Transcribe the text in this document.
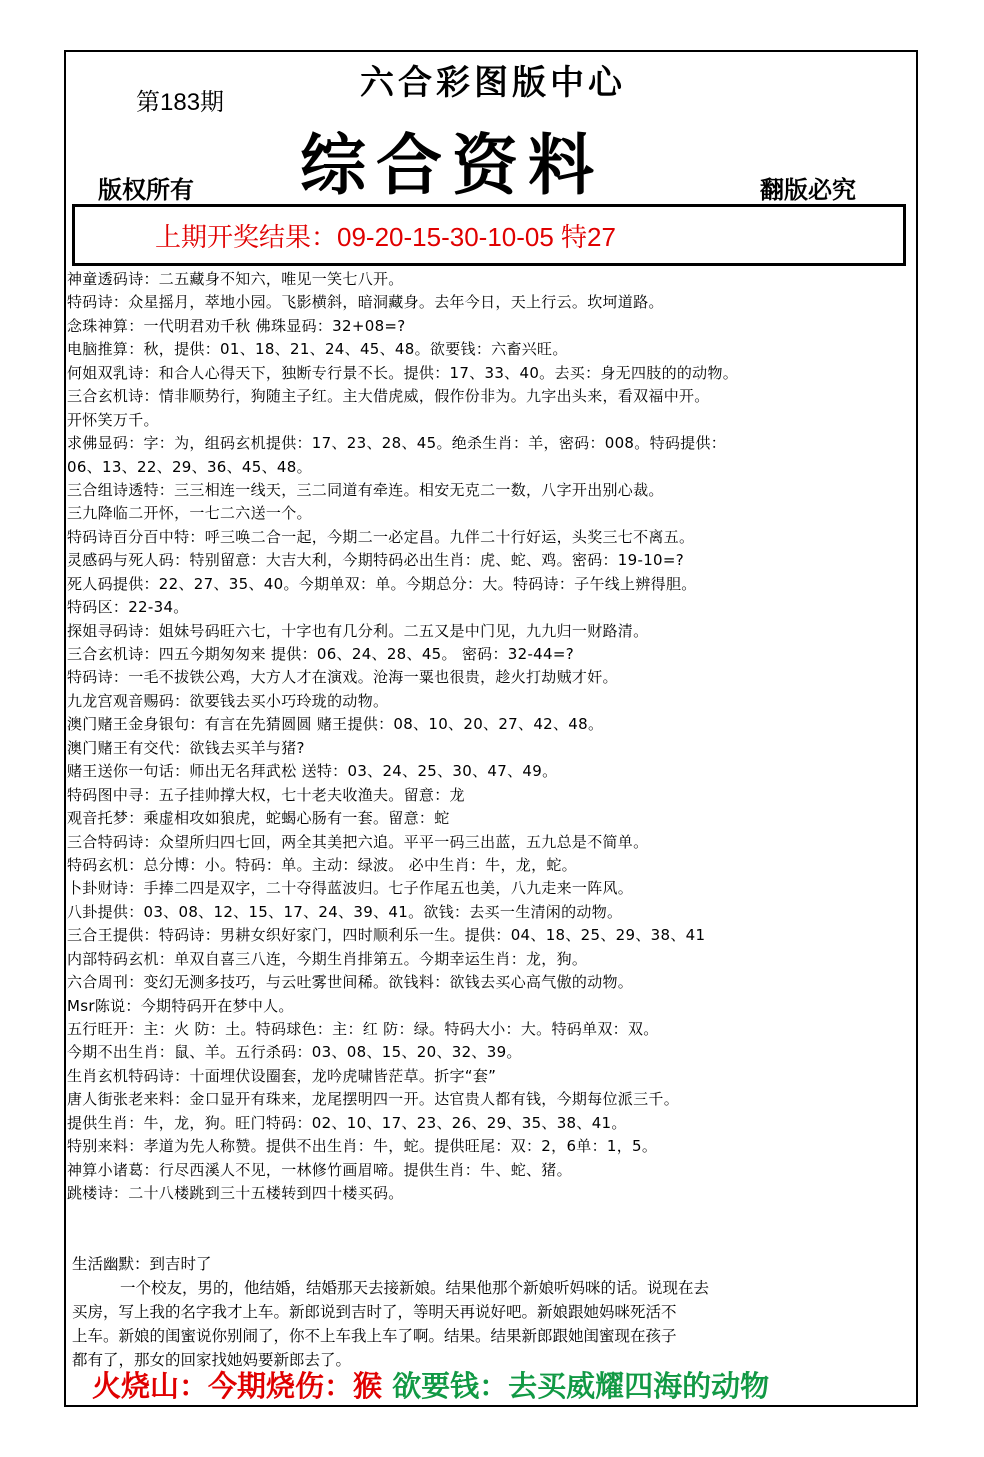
第183期	六合彩图版中心
综合资料
版权所有	翻版必究
上期开奖结果：09-20-15-30-10-05 特27
神童透码诗：二五藏身不知六，唯见一笑七八开。
特码诗：众星摇月，萃地小园。飞影横斜，暗洞藏身。去年今日，天上行云。坎坷道路。
念珠神算：一代明君劝千秋 佛珠显码：32+08=?
电脑推算：秋，提供：01、18、21、24、45、48。欲要钱：六畜兴旺。
何姐双乳诗：和合人心得天下，独断专行景不长。提供：17、33、40。去买：身无四肢的的动物。
三合玄机诗：情非顺势行，狗随主子红。主大借虎威，假作份非为。九字出头来，看双福中开。
开怀笑万千。
求佛显码：字：为，组码玄机提供：17、23、28、45。绝杀生肖：羊，密码：008。特码提供：
06、13、22、29、36、45、48。
三合组诗透特：三三相连一线天，三二同道有牵连。相安无克二一数，八字开出别心裁。
三九降临二开怀，一七二六送一个。
特码诗百分百中特：呼三唤二合一起，今期二一必定昌。九伴二十行好运，头奖三七不离五。
灵感码与死人码：特别留意：大吉大利，今期特码必出生肖：虎、蛇、鸡。密码：19-10=?
死人码提供：22、27、35、40。今期单双：单。今期总分：大。特码诗：子午线上辨得胆。
特码区：22-34。
探姐寻码诗：姐妹号码旺六七，十字也有几分利。二五又是中门见，九九归一财路清。
三合玄机诗：四五今期匆匆来 提供：06、24、28、45。 密码：32-44=?
特码诗：一毛不拔铁公鸡，大方人才在演戏。沧海一粟也很贵，趁火打劫贼才奸。
九龙宫观音赐码：欲要钱去买小巧玲珑的动物。
澳门赌王金身银句：有言在先猜圆圆 赌王提供：08、10、20、27、42、48。
澳门赌王有交代：欲钱去买羊与猪?
赌王送你一句话：师出无名拜武松 送特：03、24、25、30、47、49。
特码图中寻：五子挂帅撑大权，七十老夫收渔夫。留意：龙
观音托梦：乘虚相攻如狼虎，蛇蝎心肠有一套。留意：蛇
三合特码诗：众望所归四七回，两全其美把六追。平平一码三出蓝，五九总是不简单。
特码玄机：总分博：小。特码：单。主动：绿波。 必中生肖：牛，龙，蛇。
卜卦财诗：手捧二四是双字，二十夺得蓝波归。七子作尾五也美，八九走来一阵风。
八卦提供：03、08、12、15、17、24、39、41。欲钱：去买一生清闲的动物。
三合王提供：特码诗：男耕女织好家门，四时顺利乐一生。提供：04、18、25、29、38、41
内部特码玄机：单双自喜三八连，今期生肖排第五。今期幸运生肖：龙，狗。
六合周刊：变幻无测多技巧，与云吐雾世间稀。欲钱料：欲钱去买心高气傲的动物。
Msr陈说：今期特码开在梦中人。
五行旺开：主：火 防：土。特码球色：主：红 防：绿。特码大小：大。特码单双：双。
今期不出生肖：鼠、羊。五行杀码：03、08、15、20、32、39。
生肖玄机特码诗：十面埋伏设圈套，龙吟虎啸皆茫草。折字“套”
唐人街张老来料：金口显开有珠来，龙尾摆明四一开。达官贵人都有钱，今期每位派三千。
提供生肖：牛，龙，狗。旺门特码：02、10、17、23、26、29、35、38、41。
特别来料：孝道为先人称赞。提供不出生肖：牛，蛇。提供旺尾：双：2，6单：1，5。
神算小诸葛：行尽西溪人不见，一林修竹画眉啼。提供生肖：牛、蛇、猪。
跳楼诗：二十八楼跳到三十五楼转到四十楼买码。

生活幽默：到吉时了

一个校友，男的，他结婚，结婚那天去接新娘。结果他那个新娘听妈咪的话。说现在去

买房，写上我的名字我才上车。新郎说到吉时了，等明天再说好吧。新娘跟她妈咪死活不

上车。新娘的闺蜜说你别闹了，你不上车我上车了啊。结果。结果新郎跟她闺蜜现在孩子

都有了，那女的回家找她妈要新郎去了。

火烧山：今期烧伤：猴 欲要钱：去买威耀四海的动物
